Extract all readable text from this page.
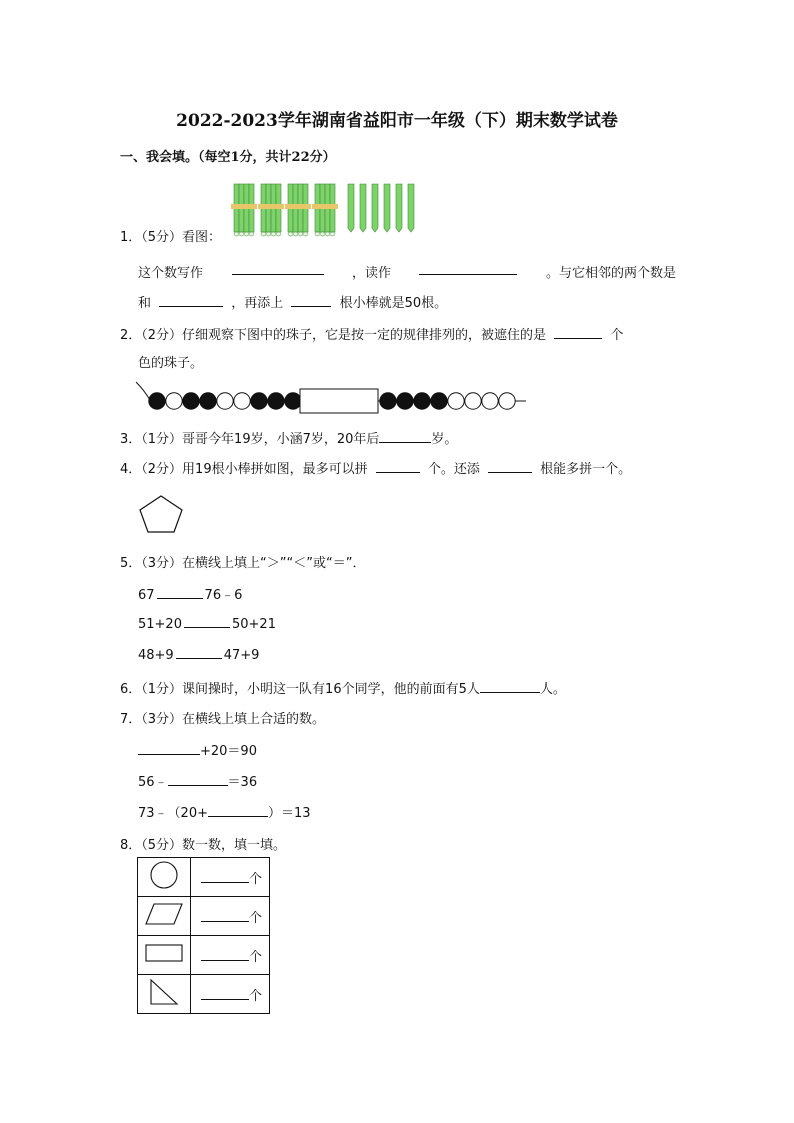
2022-2023学年湖南省益阳市一年级（下）期末数学试卷
一、我会填。（每空1分，共计22分）
1．（5分）看图：
这个数写作	，读作	。与它相邻的两个数是
和	，再添上	根小棒就是50根。
2．（2分）仔细观察下图中的珠子，它是按一定的规律排列的，被遮住的是	个
色的珠子。
3．（1分）哥哥今年19岁，小涵7岁，20年后	岁。
4．（2分）用19根小棒拼如图，最多可以拼	个。还添	根能多拼一个。
5．（3分）在横线上填上“＞”“＜”或“＝”．
67	76﹣6
51+20	50+21
48+9	47+9
6．（1分）课间操时，小明这一队有16个同学，他的前面有5人	人。
7．（3分）在横线上填上合适的数。
+20＝90
56﹣	＝36
73﹣（20+	）＝13
8．（5分）数一数，填一填。
	个
	个
	个
	个
